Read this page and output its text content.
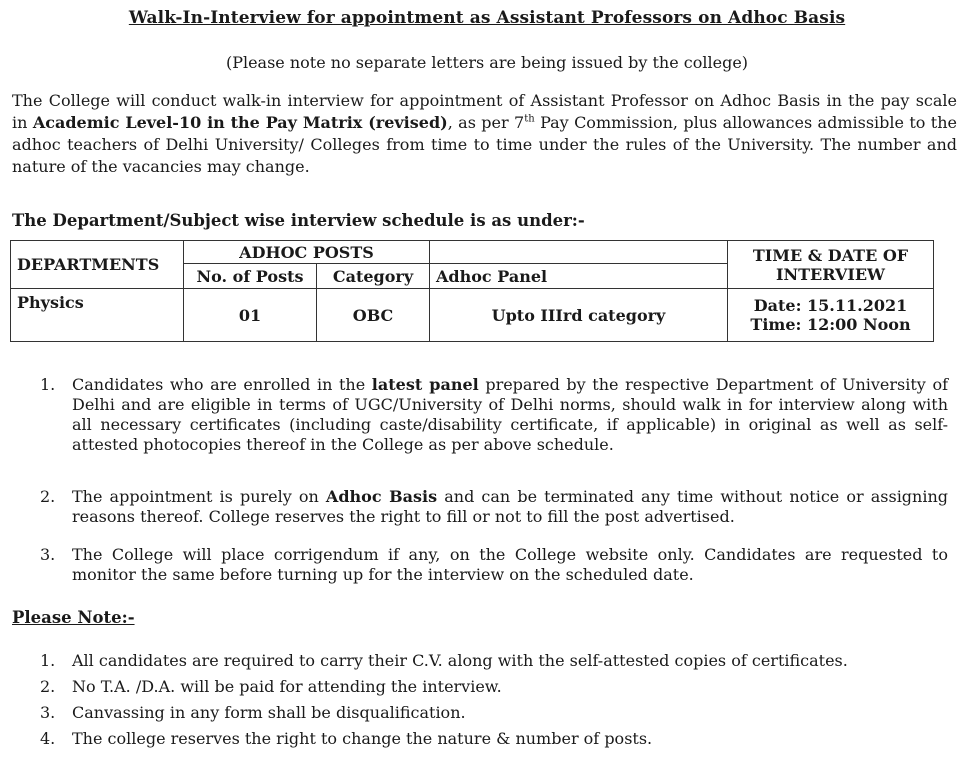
Walk-In-Interview for appointment as Assistant Professors on Adhoc Basis
(Please note no separate letters are being issued by the college)
The College will conduct walk-in interview for appointment of Assistant Professor on Adhoc Basis in the pay scale in Academic Level-10 in the Pay Matrix (revised), as per 7th Pay Commission, plus allowances admissible to the adhoc teachers of Delhi University/ Colleges from time to time under the rules of the University. The number and nature of the vacancies may change.
The Department/Subject wise interview schedule is as under:-
DEPARTMENTS	ADHOC POSTS			TIME & DATE OF
INTERVIEW

	No. of Posts	Category	Adhoc Panel	
Physics	01	OBC	Upto IIIrd category	Date: 15.11.2021
Time: 12:00 Noon
1.	Candidates who are enrolled in the latest panel prepared by the respective Department of University of Delhi and are eligible in terms of UGC/University of Delhi norms, should walk in for interview along with all necessary certificates (including caste/disability certificate, if applicable) in original as well as self-attested photocopies thereof in the College as per above schedule.
2.	The appointment is purely on Adhoc Basis and can be terminated any time without notice or assigning reasons thereof. College reserves the right to fill or not to fill the post advertised.
3.	The College will place corrigendum if any, on the College website only. Candidates are requested to monitor the same before turning up for the interview on the scheduled date.
Please Note:-
1.	All candidates are required to carry their C.V. along with the self-attested copies of certificates.
2.	No T.A. /D.A. will be paid for attending the interview.
3.	Canvassing in any form shall be disqualification.
4.	The college reserves the right to change the nature & number of posts.
